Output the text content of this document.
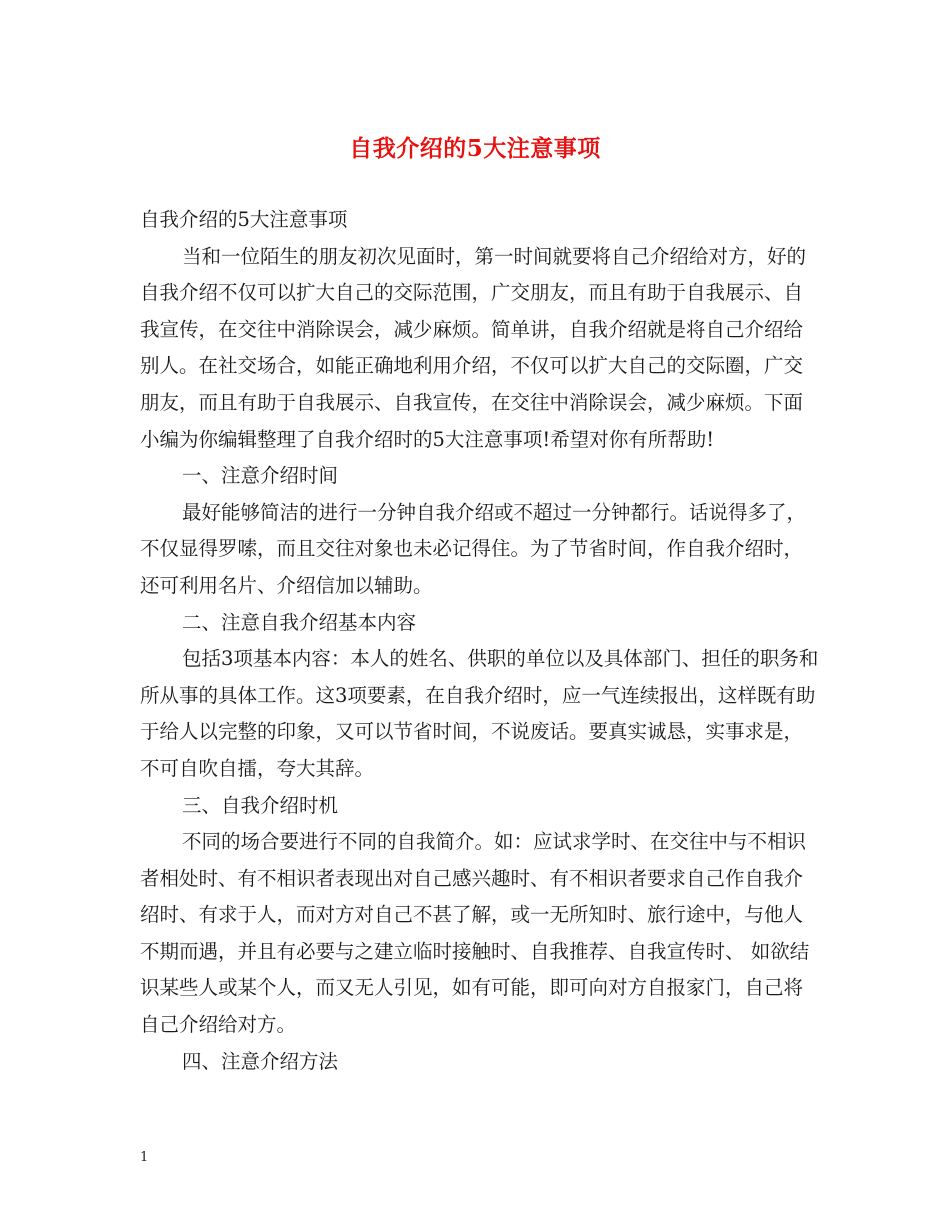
自我介绍的5大注意事项

自我介绍的5大注意事项

当和一位陌生的朋友初次见面时，第一时间就要将自己介绍给对方，好的自我介绍不仅可以扩大自己的交际范围，广交朋友，而且有助于自我展示、自我宣传，在交往中消除误会，减少麻烦。简单讲，自我介绍就是将自己介绍给别人。在社交场合，如能正确地利用介绍，不仅可以扩大自己的交际圈，广交朋友，而且有助于自我展示、自我宣传，在交往中消除误会，减少麻烦。下面小编为你编辑整理了自我介绍时的5大注意事项!希望对你有所帮助!

一、注意介绍时间

最好能够简洁的进行一分钟自我介绍或不超过一分钟都行。话说得多了，不仅显得罗嗦，而且交往对象也未必记得住。为了节省时间，作自我介绍时，还可利用名片、介绍信加以辅助。

二、注意自我介绍基本内容

包括3项基本内容：本人的姓名、供职的单位以及具体部门、担任的职务和所从事的具体工作。这3项要素，在自我介绍时，应一气连续报出，这样既有助于给人以完整的印象，又可以节省时间，不说废话。要真实诚恳，实事求是，不可自吹自擂，夸大其辞。

三、自我介绍时机

不同的场合要进行不同的自我简介。如：应试求学时、在交往中与不相识者相处时、有不相识者表现出对自己感兴趣时、有不相识者要求自己作自我介绍时、有求于人，而对方对自己不甚了解，或一无所知时、旅行途中，与他人不期而遇，并且有必要与之建立临时接触时、自我推荐、自我宣传时、 如欲结识某些人或某个人，而又无人引见，如有可能，即可向对方自报家门，自己将自己介绍给对方。

四、注意介绍方法

1
